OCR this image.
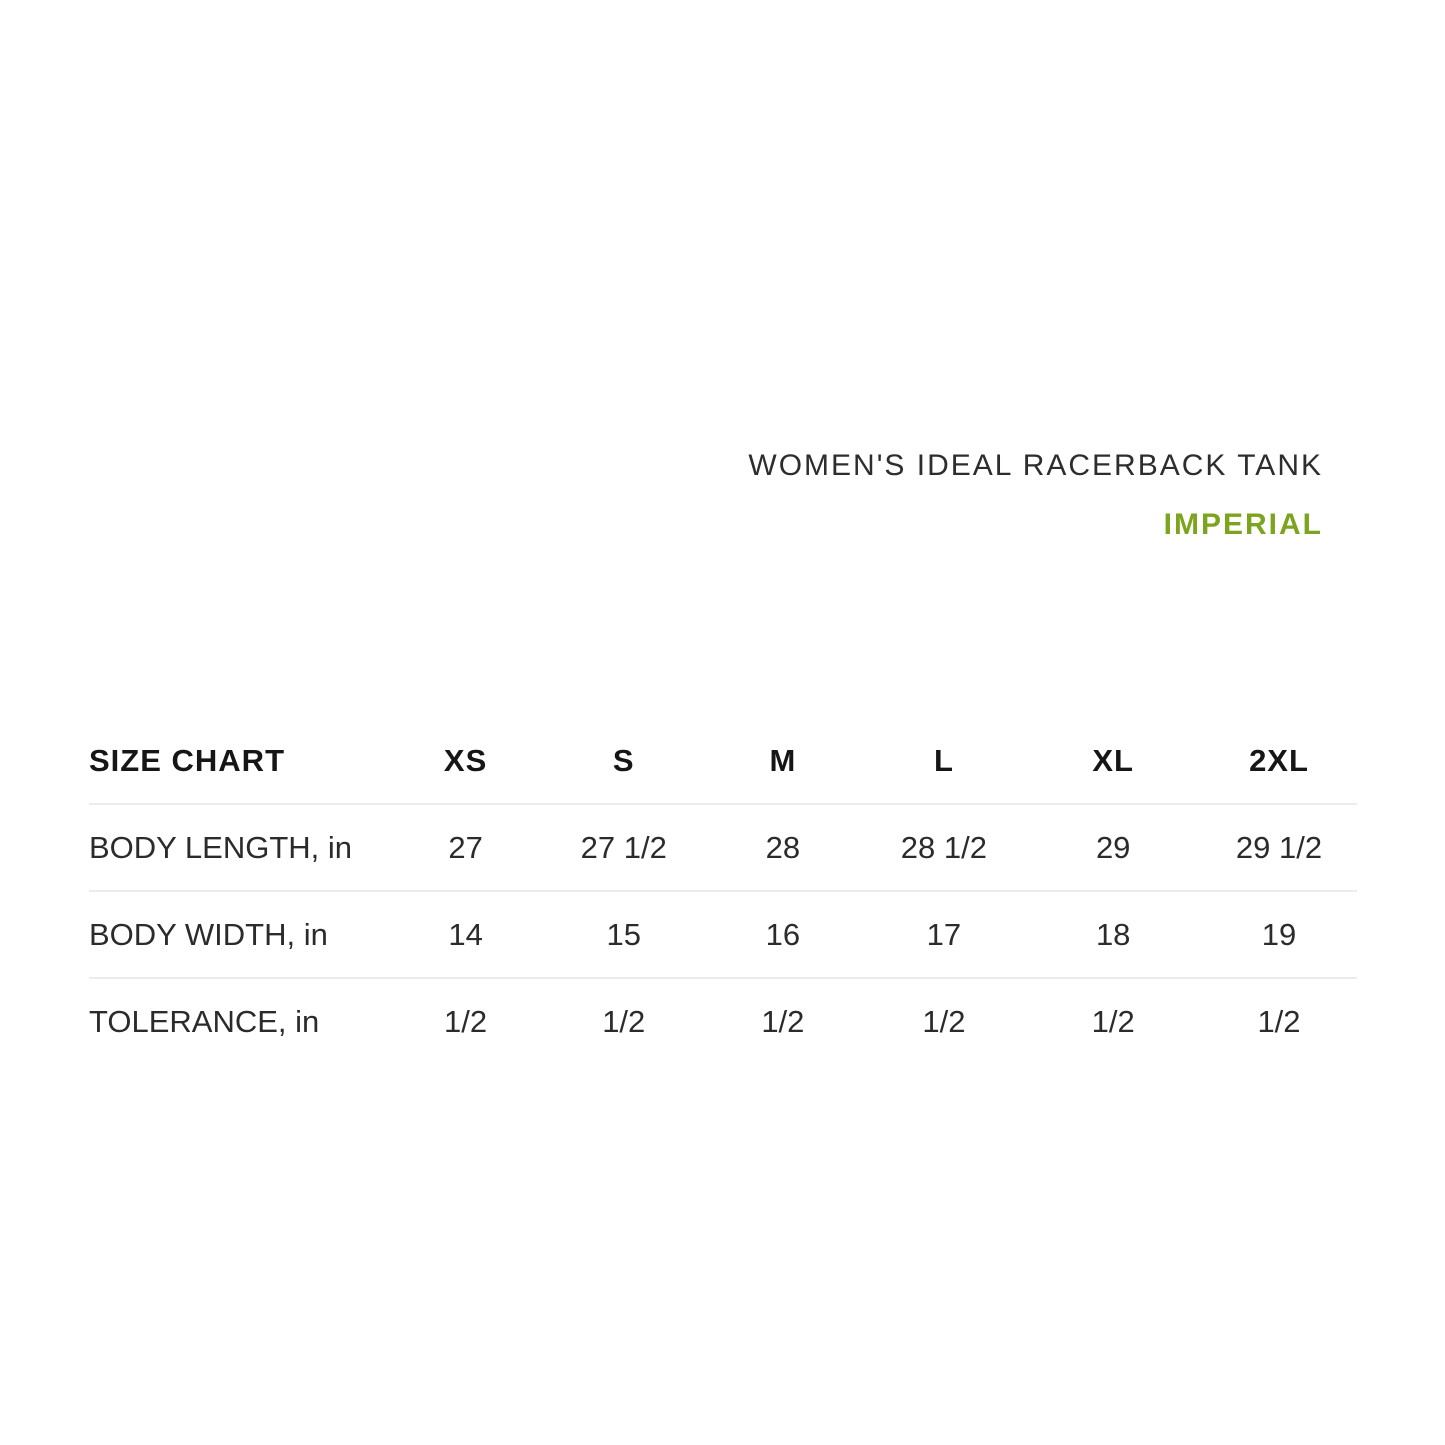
WOMEN'S IDEAL RACERBACK TANK
IMPERIAL
SIZE CHART	XS	S	M	L	XL	2XL
BODY LENGTH, in	27	27 1/2	28	28 1/2	29	29 1/2
BODY WIDTH, in	14	15	16	17	18	19
TOLERANCE, in	1/2	1/2	1/2	1/2	1/2	1/2
